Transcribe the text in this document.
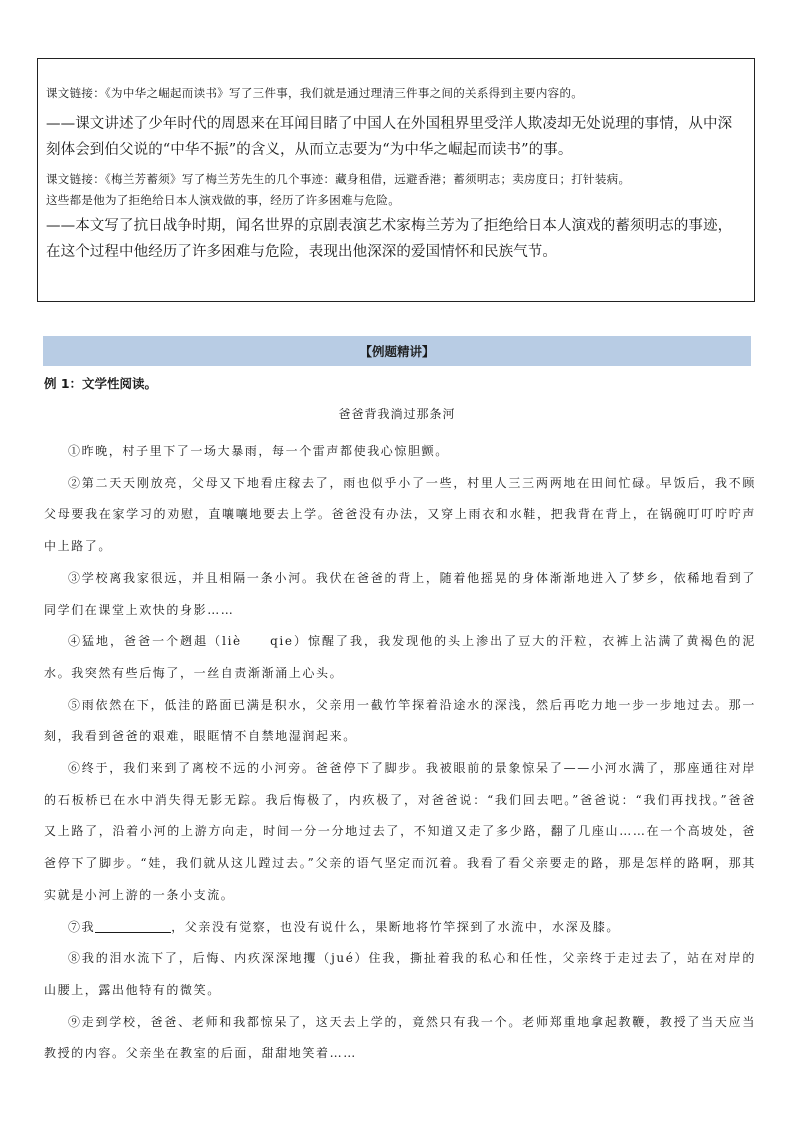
课文链接：《为中华之崛起而读书》写了三件事，我们就是通过理清三件事之间的关系得到主要内容的。

——课文讲述了少年时代的周恩来在耳闻目睹了中国人在外国租界里受洋人欺凌却无处说理的事情，从中深刻体会到伯父说的“中华不振”的含义，从而立志要为“为中华之崛起而读书”的事。

课文链接：《梅兰芳蓄须》写了梅兰芳先生的几个事迹：藏身租借，远避香港；蓄须明志；卖房度日；打针装病。

这些都是他为了拒绝给日本人演戏做的事，经历了许多困难与危险。

——本文写了抗日战争时期，闻名世界的京剧表演艺术家梅兰芳为了拒绝给日本人演戏的蓄须明志的事迹，在这个过程中他经历了许多困难与危险，表现出他深深的爱国情怀和民族气节。

【例题精讲】
例 1：文学性阅读。
爸爸背我淌过那条河

①昨晚，村子里下了一场大暴雨，每一个雷声都使我心惊胆颤。

②第二天天刚放亮，父母又下地看庄稼去了，雨也似乎小了一些，村里人三三两两地在田间忙碌。早饭后，我不顾父母要我在家学习的劝慰，直嚷嚷地要去上学。爸爸没有办法，又穿上雨衣和水鞋，把我背在背上，在锅碗叮叮咛咛声中上路了。

③学校离我家很远，并且相隔一条小河。我伏在爸爸的背上，随着他摇晃的身体渐渐地进入了梦乡，依稀地看到了同学们在课堂上欢快的身影……

④猛地，爸爸一个趔趄（liè　　qie）惊醒了我，我发现他的头上渗出了豆大的汗粒，衣裤上沾满了黄褐色的泥水。我突然有些后悔了，一丝自责渐渐涌上心头。

⑤雨依然在下，低洼的路面已满是积水，父亲用一截竹竿探着沿途水的深浅，然后再吃力地一步一步地过去。那一刻，我看到爸爸的艰难，眼眶情不自禁地湿润起来。

⑥终于，我们来到了离校不远的小河旁。爸爸停下了脚步。我被眼前的景象惊呆了——小河水满了，那座通往对岸的石板桥已在水中消失得无影无踪。我后悔极了，内疚极了，对爸爸说：“我们回去吧。”爸爸说：“我们再找找。”爸爸又上路了，沿着小河的上游方向走，时间一分一分地过去了，不知道又走了多少路，翻了几座山……在一个高坡处，爸爸停下了脚步。“娃，我们就从这儿蹚过去。”父亲的语气坚定而沉着。我看了看父亲要走的路，那是怎样的路啊，那其实就是小河上游的一条小支流。

⑦我	，父亲没有觉察，也没有说什么，果断地将竹竿探到了水流中，水深及膝。

⑧我的泪水流下了，后悔、内疚深深地攫（jué）住我，撕扯着我的私心和任性，父亲终于走过去了，站在对岸的山腰上，露出他特有的微笑。

⑨走到学校，爸爸、老师和我都惊呆了，这天去上学的，竟然只有我一个。老师郑重地拿起教鞭，教授了当天应当教授的内容。父亲坐在教室的后面，甜甜地笑着……
